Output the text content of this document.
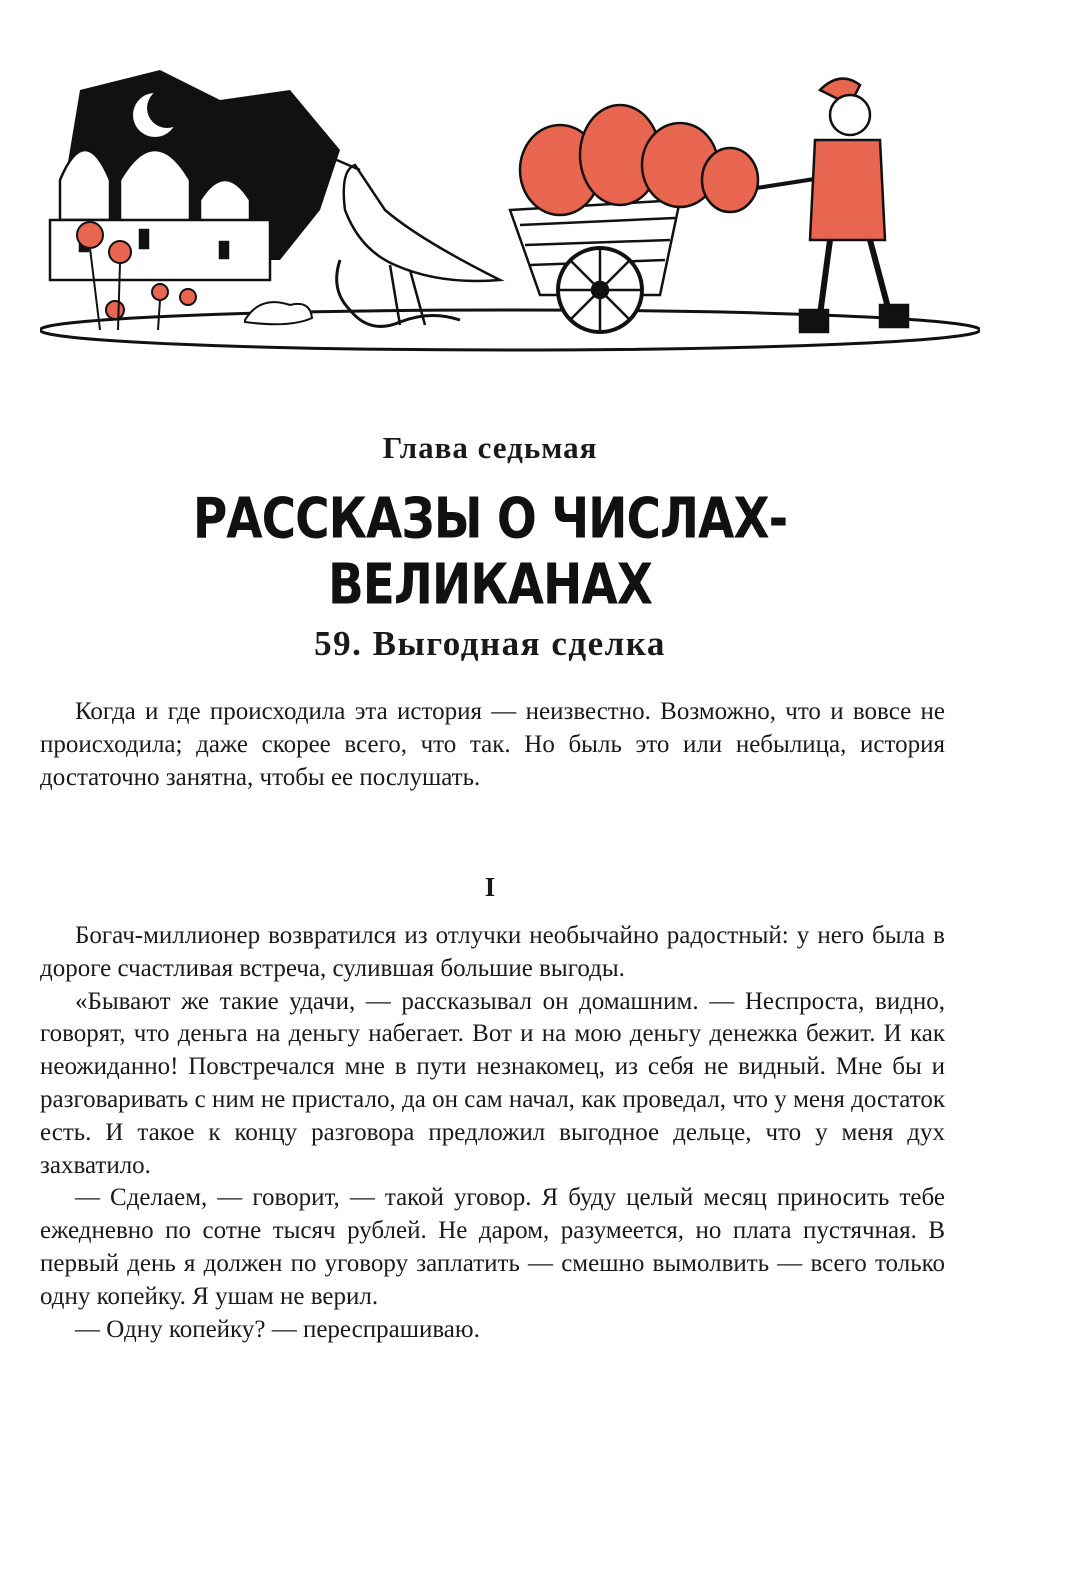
Глава седьмая
РАССКАЗЫ О ЧИСЛАХ-ВЕЛИКАНАХ
59. Выгодная сделка

Когда и где происходила эта история — неизвестно. Возможно, что и вовсе не происходила; даже скорее всего, что так. Но быль это или небылица, история достаточно занятна, чтобы ее послушать.

I

Богач-миллионер возвратился из отлучки необычайно радостный: у него была в дороге счастливая встреча, сулившая большие выгоды.

«Бывают же такие удачи, — рассказывал он домашним. — Неспроста, видно, говорят, что деньга на деньгу набегает. Вот и на мою деньгу денежка бежит. И как неожиданно! Повстречался мне в пути незнакомец, из себя не видный. Мне бы и разговаривать с ним не пристало, да он сам начал, как проведал, что у меня достаток есть. И такое к концу разговора предложил выгодное дельце, что у меня дух захватило.

— Сделаем, — говорит, — такой уговор. Я буду целый месяц приносить тебе ежедневно по сотне тысяч рублей. Не даром, разумеется, но плата пустячная. В первый день я должен по уговору заплатить — смешно вымолвить — всего только одну копейку. Я ушам не верил.

— Одну копейку? — переспрашиваю.
